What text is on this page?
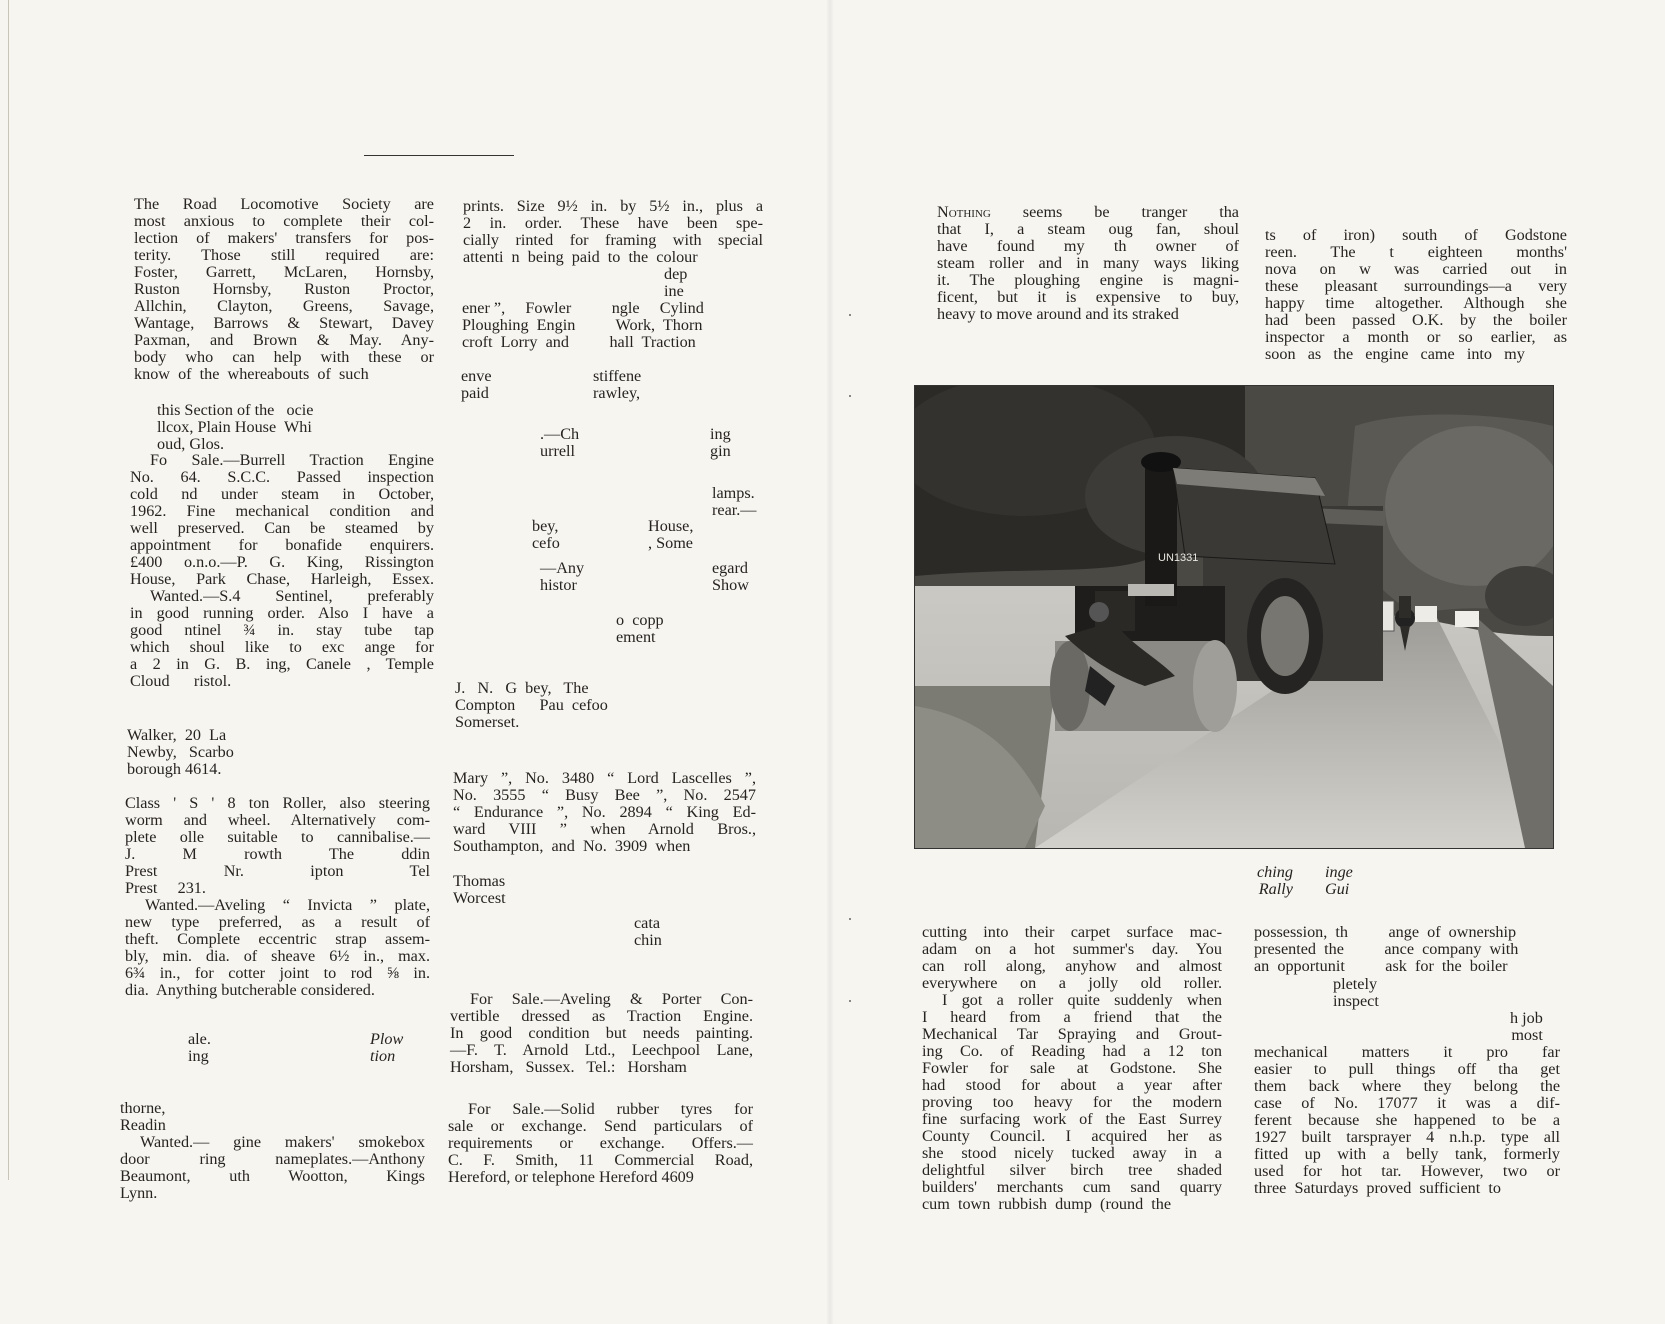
The Road Locomotive Society are
most anxious to complete their col-
lection of makers' transfers for pos-
terity. Those still required are:
Foster, Garrett, McLaren, Hornsby,
Ruston Hornsby, Ruston Proctor,
Allchin, Clayton, Greens, Savage,
Wantage, Barrows & Stewart, Davey
Paxman, and Brown & May. Any-
body who can help with these or
know  of  the  whereabouts  of  such
this Section of the   ocie
llcox, Plain House  Whi
oud, Glos.
Fo Sale.—Burrell Traction Engine
No. 64. S.C.C. Passed inspection
cold nd under steam in October,
1962. Fine mechanical condition and
well preserved. Can be steamed by
appointment for bonafide enquirers.
£400 o.n.o.—P. G. King, Rissington
House, Park Chase, Harleigh, Essex.
Wanted.—S.4 Sentinel, preferably
in good running order. Also I have a
good ntinel ¾ in. stay tube tap
which shoul like to exc ange for
a 2 in G. B. ing, Canele , Temple
Cloud      ristol.
Walker,  20  La
Newby,   Scarbo
borough 4614.
Class ' S ' 8 ton Roller, also steering
worm and wheel. Alternatively com-
plete olle suitable to cannibalise.—
J. M rowth The ddin
Prest Nr. ipton Tel
Prest     231.
Wanted.—Aveling “ Invicta ” plate,
new type preferred, as a result of
theft. Complete eccentric strap assem-
bly, min. dia. of sheave 6½ in., max.
6¾ in., for cotter joint to rod ⅝ in.
dia.  Anything butcherable considered.
ale.
ing
Plow
tion
thorne,
Readin
Wanted.— gine makers' smokebox
door ring nameplates.—Anthony
Beaumont, uth Wootton, Kings
Lynn.
prints. Size 9½ in. by 5½ in., plus a
2 in. order. These have been spe-
cially rinted for framing with special
attenti  n  being  paid  to  the  colour
dep
ine
ener ”,     Fowler          ngle     Cylind
Ploughing  Engin          Work,  Thorn
croft  Lorry  and          hall  Traction
enve
paid
stiffene
rawley,
.—Ch
urrell
ing
gin
lamps.
rear.—
bey,
cefo
House,
, Some
—Any
histor
egard
Show
o  copp
ement
J.   N.   G  bey,   The
Compton      Pau  cefoo
Somerset.
Mary ”, No. 3480 “ Lord Lascelles ”,
No. 3555 “ Busy Bee ”, No. 2547
“ Endurance ”, No. 2894 “ King Ed-
ward VIII ” when Arnold Bros.,
Southampton,  and  No.  3909  when
Thomas
Worcest
cata
chin
For Sale.—Aveling & Porter Con-
vertible dressed as Traction Engine.
In good condition but needs painting.
—F. T. Arnold Ltd., Leechpool Lane,
Horsham,   Sussex.   Tel.:   Horsham
For Sale.—Solid rubber tyres for
sale or exchange. Send particulars of
requirements or exchange. Offers.—
C. F. Smith, 11 Commercial Road,
Hereford, or telephone Hereford 4609
Nothing seems be tranger tha
that I, a steam oug fan, shoul
have found my th owner of
steam roller and in many ways liking
it. The ploughing engine is magni-
ficent, but it is expensive to buy,
heavy to move around and its straked
ts of iron) south of Godstone
reen. The t eighteen months'
nova on w was carried out in
these pleasant surroundings—a very
happy time altogether. Although she
had been passed O.K. by the boiler
inspector a month or so earlier, as
soon   as   the   engine   came   into   my
UN1331
ching
Rally
inge
Gui
cutting into their carpet surface mac-
adam on a hot summer's day. You
can roll along, anyhow and almost
everywhere on a jolly old roller.
I got a roller quite suddenly when
I heard from a friend that the
Mechanical Tar Spraying and Grout-
ing Co. of Reading had a 12 ton
Fowler for sale at Godstone. She
had stood for about a year after
proving too heavy for the modern
fine surfacing work of the East Surrey
County Council. I acquired her as
she stood nicely tucked away in a
delightful silver birch tree shaded
builders' merchants cum sand quarry
cum  town  rubbish  dump  (round  the
possession,  th          ange  of  ownership
presented  the          ance  company  with
an  opportunit          ask  for  the  boiler
pletely
inspect
h job
most
mechanical matters it pro far
easier to pull things off tha get
them back where they belong the
case of No. 17077 it was a dif-
ferent because she happened to be a
1927 built tarsprayer 4 n.h.p. type all
fitted up with a belly tank, formerly
used for hot tar. However, two or
three  Saturdays  proved  sufficient  to
